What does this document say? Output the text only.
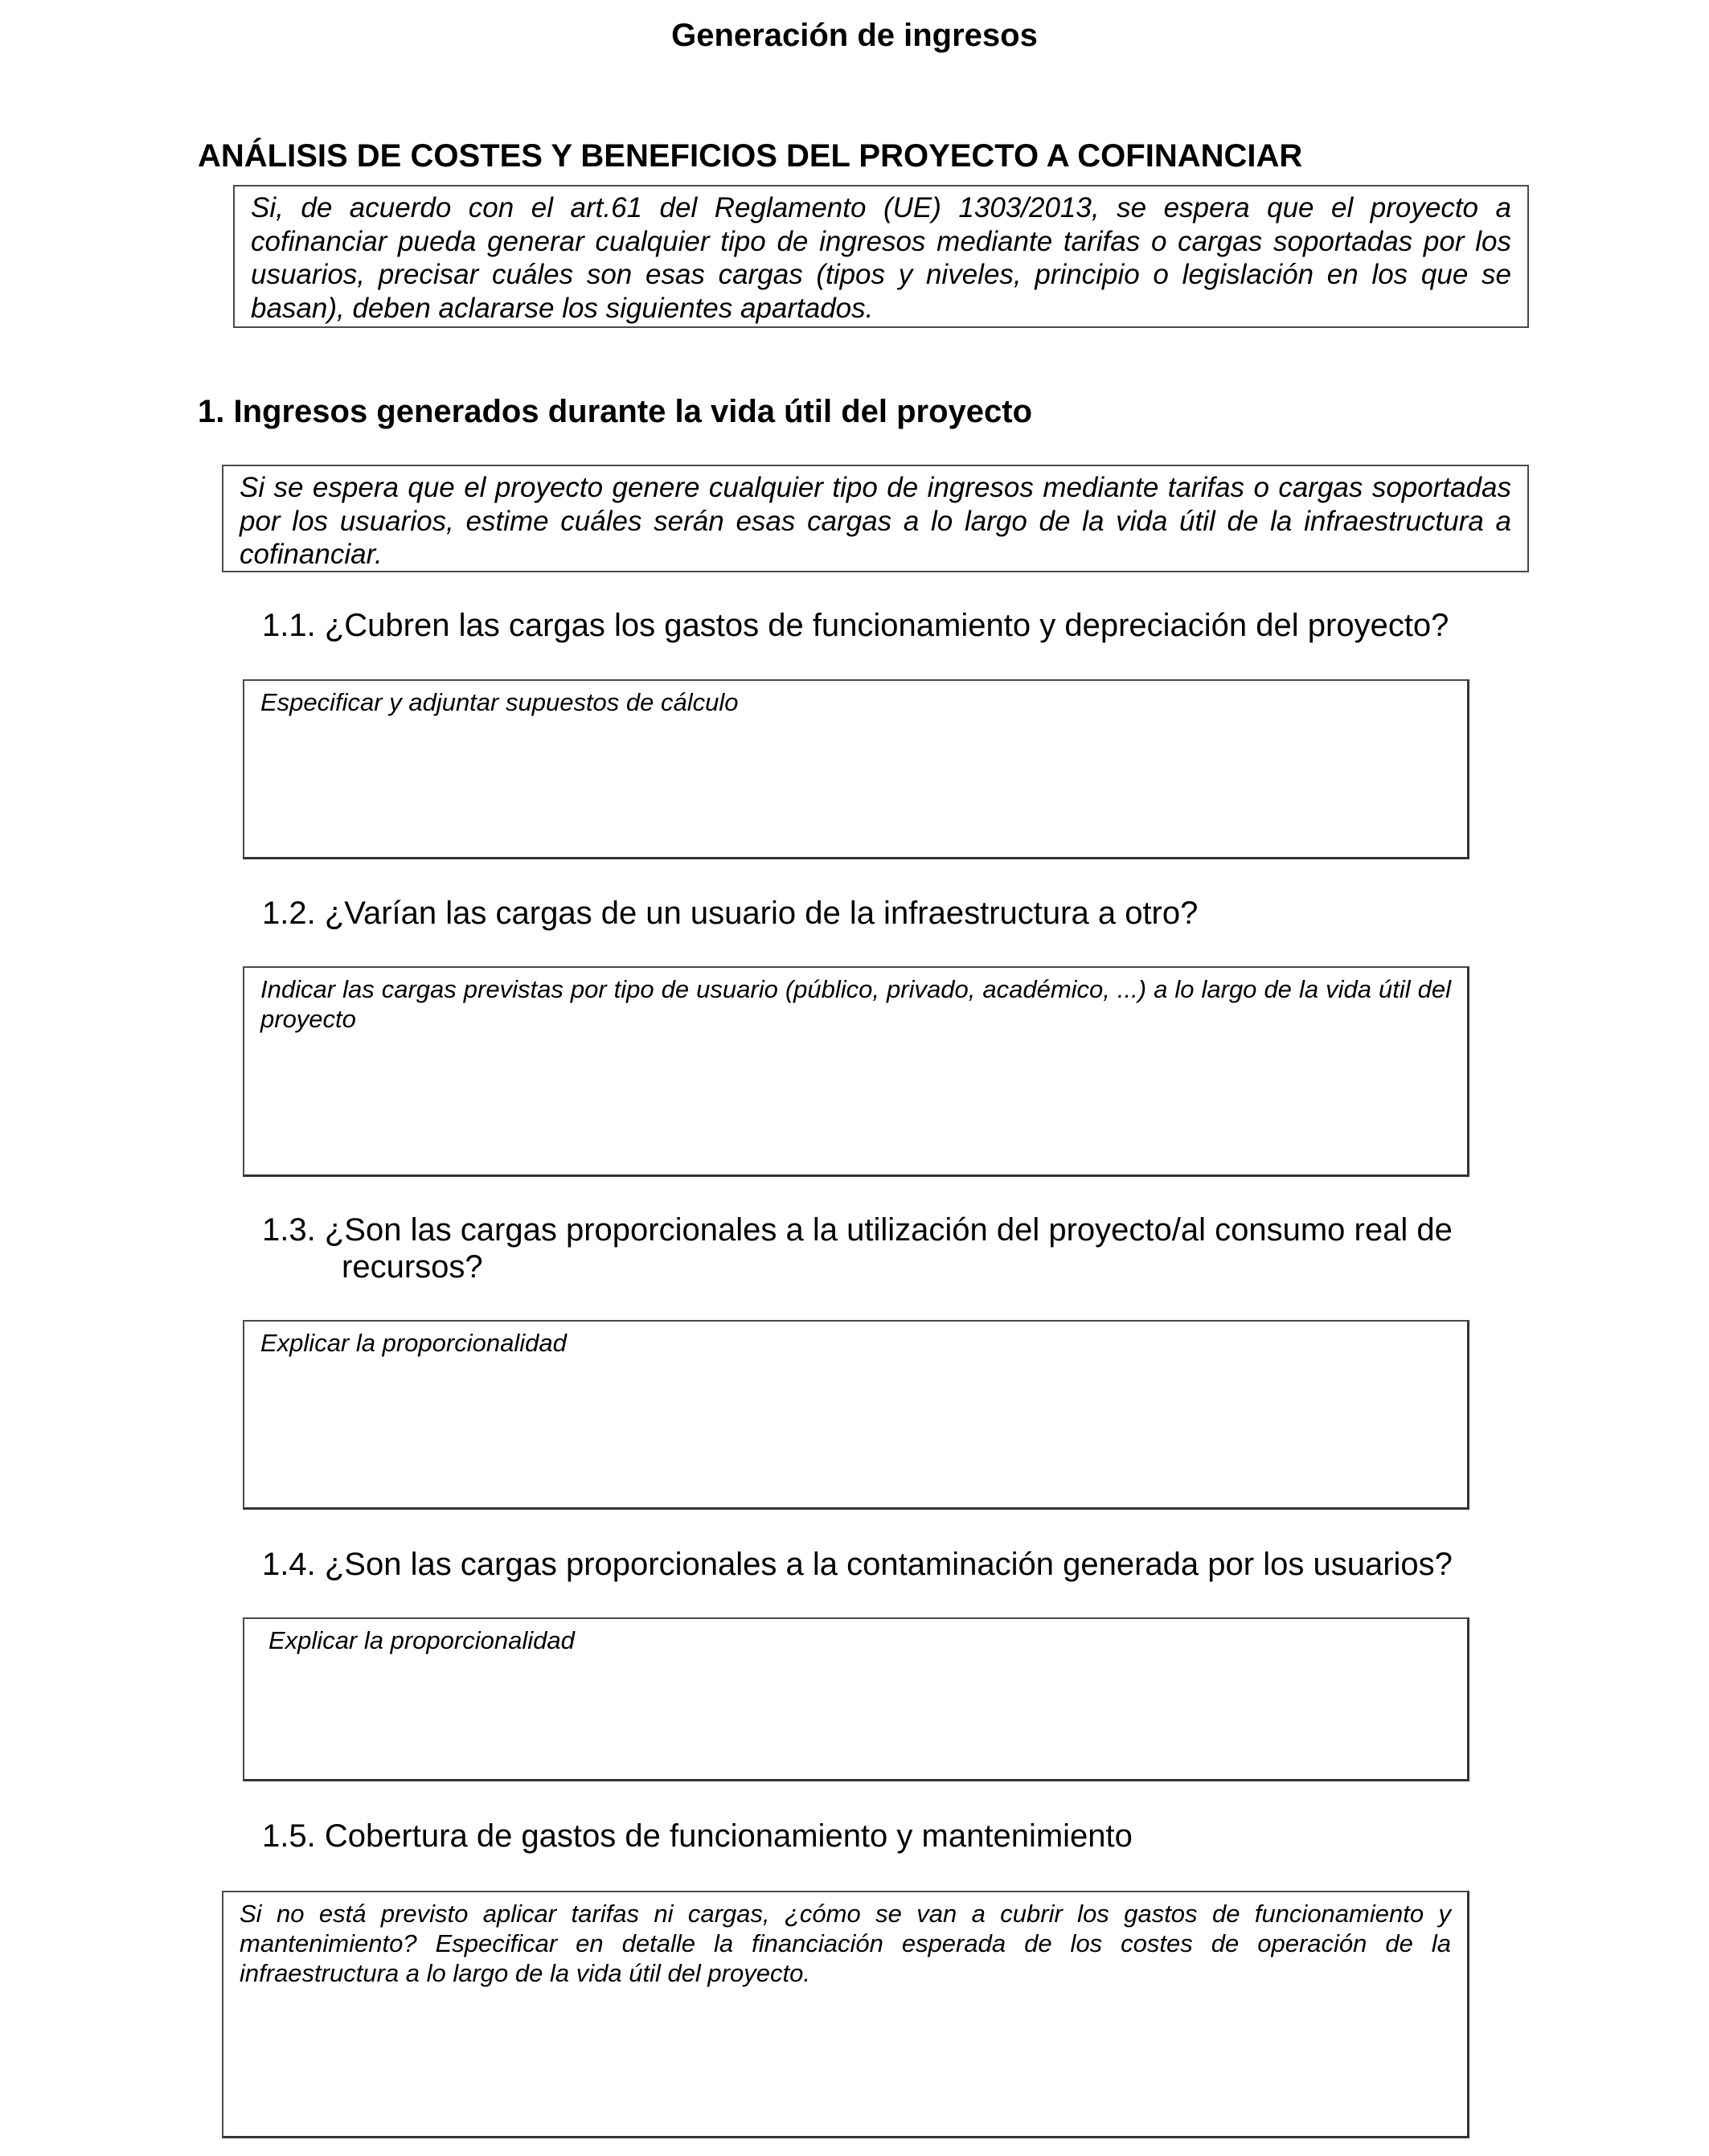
Generación de ingresos
ANÁLISIS DE COSTES Y BENEFICIOS DEL PROYECTO A COFINANCIAR
Si, de acuerdo con el art.61 del Reglamento (UE) 1303/2013, se espera que el proyecto a cofinanciar pueda generar cualquier tipo de ingresos mediante tarifas o cargas soportadas por los usuarios, precisar cuáles son esas cargas (tipos y niveles, principio o legislación en los que se basan), deben aclararse los siguientes apartados.
1. Ingresos generados durante la vida útil del proyecto
Si se espera que el proyecto genere cualquier tipo de ingresos mediante tarifas o cargas soportadas por los usuarios, estime cuáles serán esas cargas a lo largo de la vida útil de la infraestructura a cofinanciar.
1.1. ¿Cubren las cargas los gastos de funcionamiento y depreciación del proyecto?
Especificar y adjuntar supuestos de cálculo
1.2. ¿Varían las cargas de un usuario de la infraestructura a otro?
Indicar las cargas previstas por tipo de usuario (público, privado, académico, ...) a lo largo de la vida útil del proyecto
1.3. ¿Son las cargas proporcionales a la utilización del proyecto/al consumo real de
recursos?
Explicar la proporcionalidad
1.4. ¿Son las cargas proporcionales a la contaminación generada por los usuarios?
Explicar la proporcionalidad
1.5. Cobertura de gastos de funcionamiento y mantenimiento
Si no está previsto aplicar tarifas ni cargas, ¿cómo se van a cubrir los gastos de funcionamiento y mantenimiento? Especificar en detalle la financiación esperada de los costes de operación de la infraestructura a lo largo de la vida útil del proyecto.
